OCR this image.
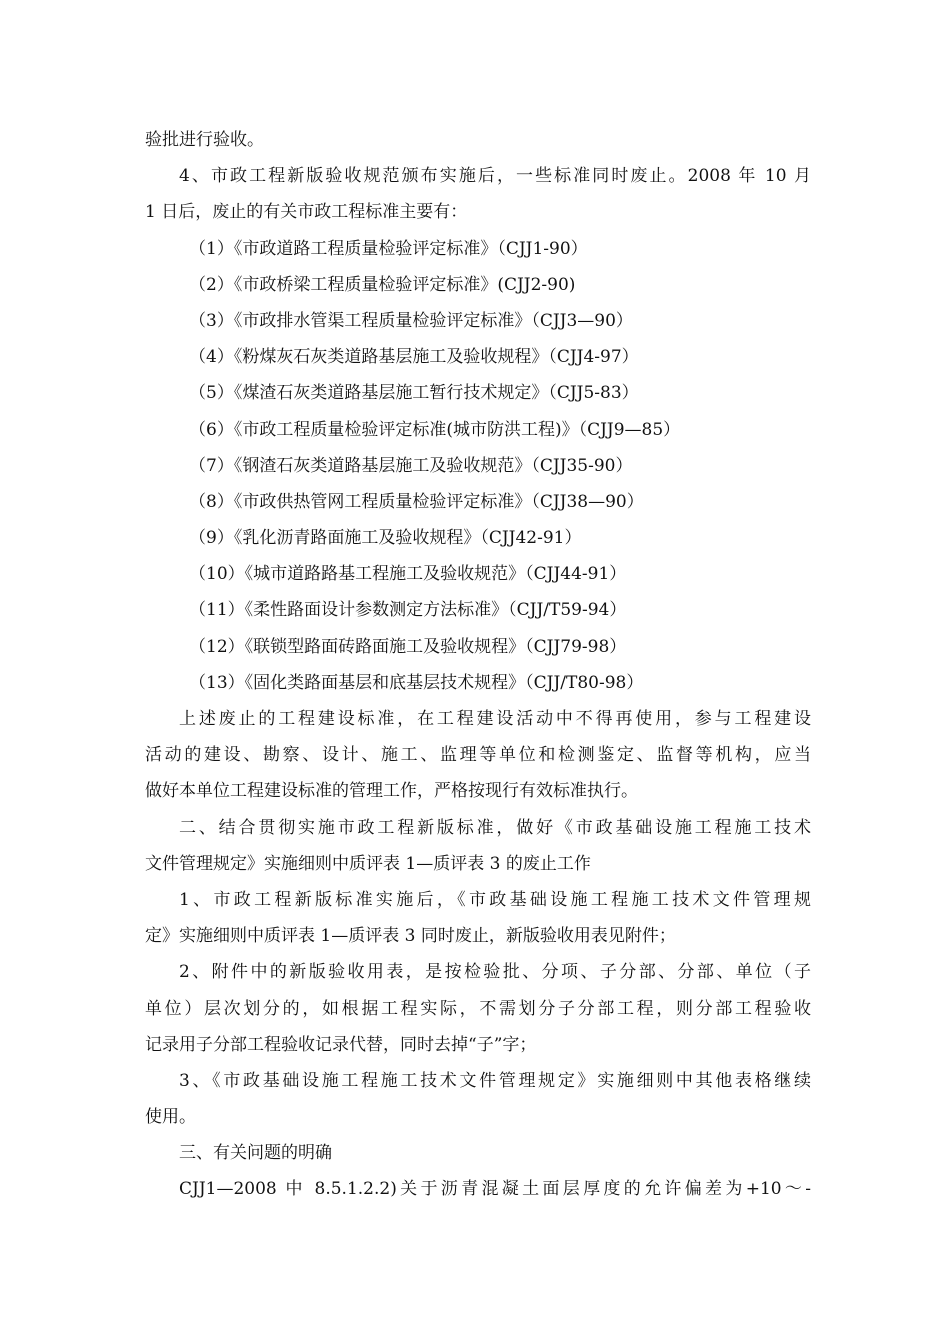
验批进行验收。
4、市政工程新版验收规范颁布实施后，一些标准同时废止。2008 年 10 月
1 日后，废止的有关市政工程标准主要有：
（1）《市政道路工程质量检验评定标准》（CJJ1-90）
（2）《市政桥梁工程质量检验评定标准》(CJJ2-90)
（3）《市政排水管渠工程质量检验评定标准》（CJJ3—90）
（4）《粉煤灰石灰类道路基层施工及验收规程》（CJJ4-97）
（5）《煤渣石灰类道路基层施工暂行技术规定》（CJJ5-83）
（6）《市政工程质量检验评定标准(城市防洪工程)》（CJJ9—85）
（7）《钢渣石灰类道路基层施工及验收规范》（CJJ35-90）
（8）《市政供热管网工程质量检验评定标准》（CJJ38—90）
（9）《乳化沥青路面施工及验收规程》（CJJ42-91）
（10）《城市道路路基工程施工及验收规范》（CJJ44-91）
（11）《柔性路面设计参数测定方法标准》（CJJ/T59-94）
（12）《联锁型路面砖路面施工及验收规程》（CJJ79-98）
（13）《固化类路面基层和底基层技术规程》（CJJ/T80-98）
上述废止的工程建设标准，在工程建设活动中不得再使用，参与工程建设
活动的建设、勘察、设计、施工、监理等单位和检测鉴定、监督等机构，应当
做好本单位工程建设标准的管理工作，严格按现行有效标准执行。
二、结合贯彻实施市政工程新版标准，做好《市政基础设施工程施工技术
文件管理规定》实施细则中质评表 1—质评表 3 的废止工作
1、市政工程新版标准实施后，《市政基础设施工程施工技术文件管理规
定》实施细则中质评表 1—质评表 3 同时废止，新版验收用表见附件；
2、附件中的新版验收用表，是按检验批、分项、子分部、分部、单位（子
单位）层次划分的，如根据工程实际，不需划分子分部工程，则分部工程验收
记录用子分部工程验收记录代替，同时去掉“子”字；
3、《市政基础设施工程施工技术文件管理规定》实施细则中其他表格继续
使用。
三、有关问题的明确
CJJ1—2008 中 8.5.1.2.2)关于沥青混凝土面层厚度的允许偏差为+10～-
